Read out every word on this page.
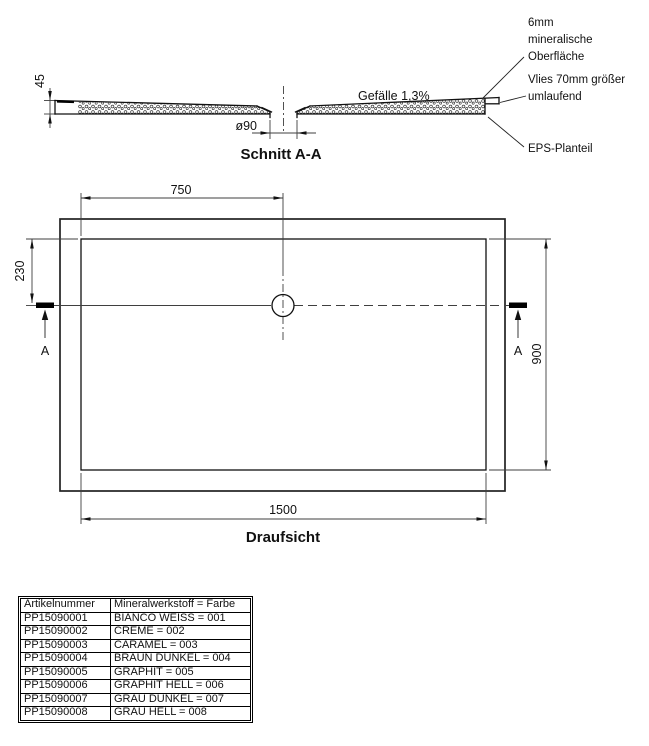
45
ø90
Gefälle 1,3%
6mm
mineralische
Oberfläche
Vlies 70mm größer
umlaufend
EPS-Planteil
Schnitt A-A
750
230
A	A 900
1500
Draufsicht
Artikelnummer	Mineralwerkstoff = Farbe
PP15090001	BIANCO WEISS = 001
PP15090002	CREME = 002
PP15090003	CARAMEL = 003
PP15090004	BRAUN DUNKEL = 004
PP15090005	GRAPHIT = 005
PP15090006	GRAPHIT HELL = 006
PP15090007	GRAU DUNKEL = 007
PP15090008	GRAU HELL = 008
